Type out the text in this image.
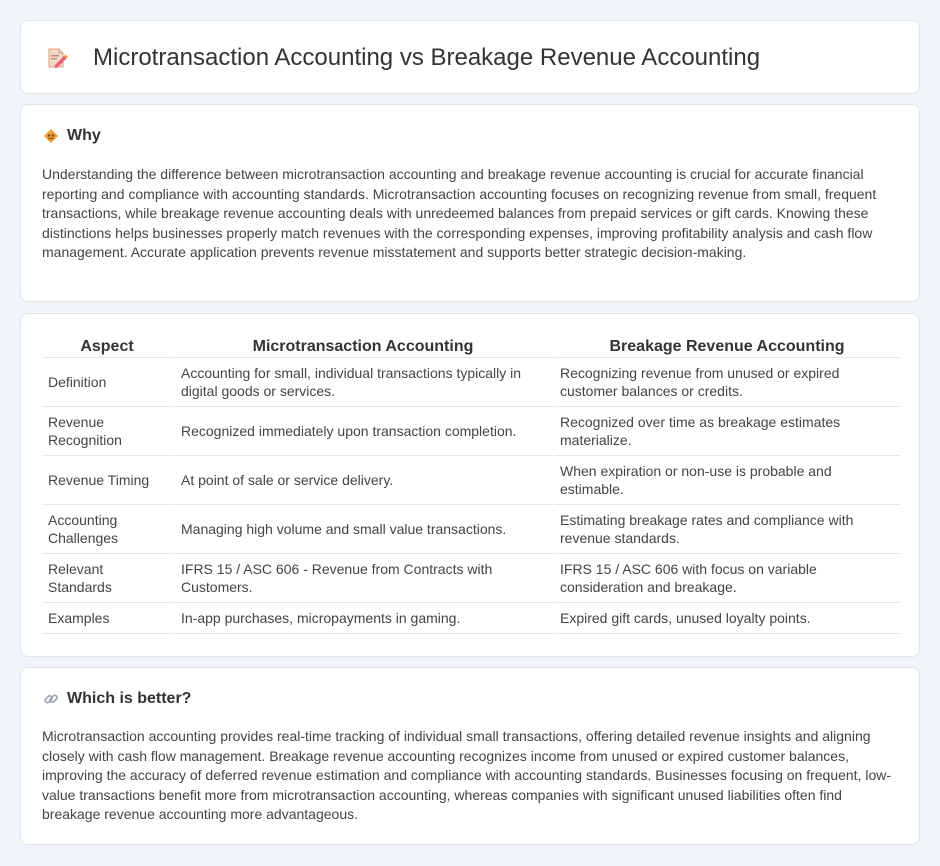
Microtransaction Accounting vs Breakage Revenue Accounting
Why

Understanding the difference between microtransaction accounting and breakage revenue accounting is crucial for accurate financial reporting and compliance with accounting standards. Microtransaction accounting focuses on recognizing revenue from small, frequent transactions, while breakage revenue accounting deals with unredeemed balances from prepaid services or gift cards. Knowing these distinctions helps businesses properly match revenues with the corresponding expenses, improving profitability analysis and cash flow management. Accurate application prevents revenue misstatement and supports better strategic decision-making.

Aspect	Microtransaction Accounting	Breakage Revenue Accounting
Definition	Accounting for small, individual transactions typically in digital goods or services.	Recognizing revenue from unused or expired customer balances or credits.
Revenue Recognition	Recognized immediately upon transaction completion.	Recognized over time as breakage estimates materialize.
Revenue Timing	At point of sale or service delivery.	When expiration or non-use is probable and estimable.
Accounting Challenges	Managing high volume and small value transactions.	Estimating breakage rates and compliance with revenue standards.
Relevant Standards	IFRS 15 / ASC 606 - Revenue from Contracts with Customers.	IFRS 15 / ASC 606 with focus on variable consideration and breakage.
Examples	In-app purchases, micropayments in gaming.	Expired gift cards, unused loyalty points.
Which is better?

Microtransaction accounting provides real-time tracking of individual small transactions, offering detailed revenue insights and aligning closely with cash flow management. Breakage revenue accounting recognizes income from unused or expired customer balances, improving the accuracy of deferred revenue estimation and compliance with accounting standards. Businesses focusing on frequent, low-value transactions benefit more from microtransaction accounting, whereas companies with significant unused liabilities often find breakage revenue accounting more advantageous.
